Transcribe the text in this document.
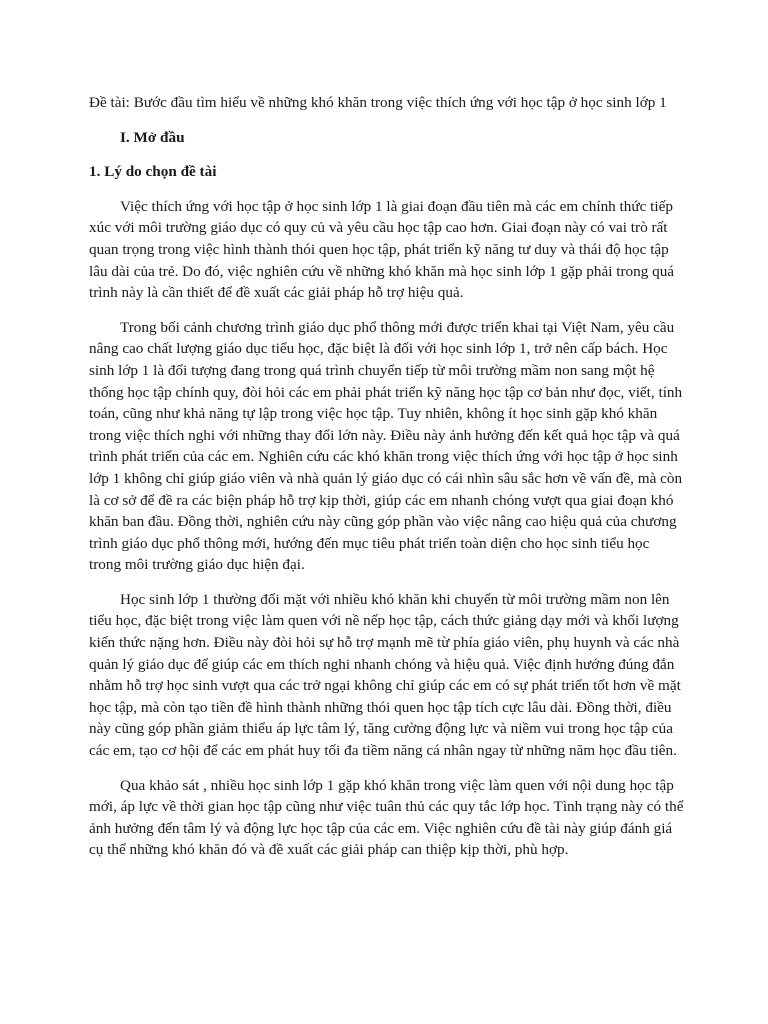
Đề tài: Bước đầu tìm hiểu về những khó khăn trong việc thích ứng với học tập ở học sinh lớp 1

I. Mở đầu

1. Lý do chọn đề tài

Việc thích ứng với học tập ở học sinh lớp 1 là giai đoạn đầu tiên mà các em chính thức tiếp xúc với môi trường giáo dục có quy củ và yêu cầu học tập cao hơn. Giai đoạn này có vai trò rất quan trọng trong việc hình thành thói quen học tập, phát triển kỹ năng tư duy và thái độ học tập lâu dài của trẻ. Do đó, việc nghiên cứu về những khó khăn mà học sinh lớp 1 gặp phải trong quá trình này là cần thiết để đề xuất các giải pháp hỗ trợ hiệu quả.

Trong bối cảnh chương trình giáo dục phổ thông mới được triển khai tại Việt Nam, yêu cầu nâng cao chất lượng giáo dục tiểu học, đặc biệt là đối với học sinh lớp 1, trở nên cấp bách. Học sinh lớp 1 là đối tượng đang trong quá trình chuyển tiếp từ môi trường mầm non sang một hệ thống học tập chính quy, đòi hỏi các em phải phát triển kỹ năng học tập cơ bản như đọc, viết, tính toán, cũng như khả năng tự lập trong việc học tập. Tuy nhiên, không ít học sinh gặp khó khăn trong việc thích nghi với những thay đổi lớn này. Điều này ảnh hưởng đến kết quả học tập và quá trình phát triển của các em. Nghiên cứu các khó khăn trong việc thích ứng với học tập ở học sinh lớp 1 không chỉ giúp giáo viên và nhà quản lý giáo dục có cái nhìn sâu sắc hơn về vấn đề, mà còn là cơ sở để đề ra các biện pháp hỗ trợ kịp thời, giúp các em nhanh chóng vượt qua giai đoạn khó khăn ban đầu. Đồng thời, nghiên cứu này cũng góp phần vào việc nâng cao hiệu quả của chương trình giáo dục phổ thông mới, hướng đến mục tiêu phát triển toàn diện cho học sinh tiểu học trong môi trường giáo dục hiện đại.

Học sinh lớp 1 thường đối mặt với nhiều khó khăn khi chuyển từ môi trường mầm non lên tiểu học, đặc biệt trong việc làm quen với nề nếp học tập, cách thức giảng dạy mới và khối lượng kiến thức nặng hơn. Điều này đòi hỏi sự hỗ trợ mạnh mẽ từ phía giáo viên, phụ huynh và các nhà quản lý giáo dục để giúp các em thích nghi nhanh chóng và hiệu quả. Việc định hướng đúng đắn nhằm hỗ trợ học sinh vượt qua các trở ngại không chỉ giúp các em có sự phát triển tốt hơn về mặt học tập, mà còn tạo tiền đề hình thành những thói quen học tập tích cực lâu dài. Đồng thời, điều này cũng góp phần giảm thiểu áp lực tâm lý, tăng cường động lực và niềm vui trong học tập của các em, tạo cơ hội để các em phát huy tối đa tiềm năng cá nhân ngay từ những năm học đầu tiên.

Qua khảo sát , nhiều học sinh lớp 1 gặp khó khăn trong việc làm quen với nội dung học tập mới, áp lực về thời gian học tập cũng như việc tuân thủ các quy tắc lớp học. Tình trạng này có thể ảnh hưởng đến tâm lý và động lực học tập của các em. Việc nghiên cứu đề tài này giúp đánh giá cụ thể những khó khăn đó và đề xuất các giải pháp can thiệp kịp thời, phù hợp.
